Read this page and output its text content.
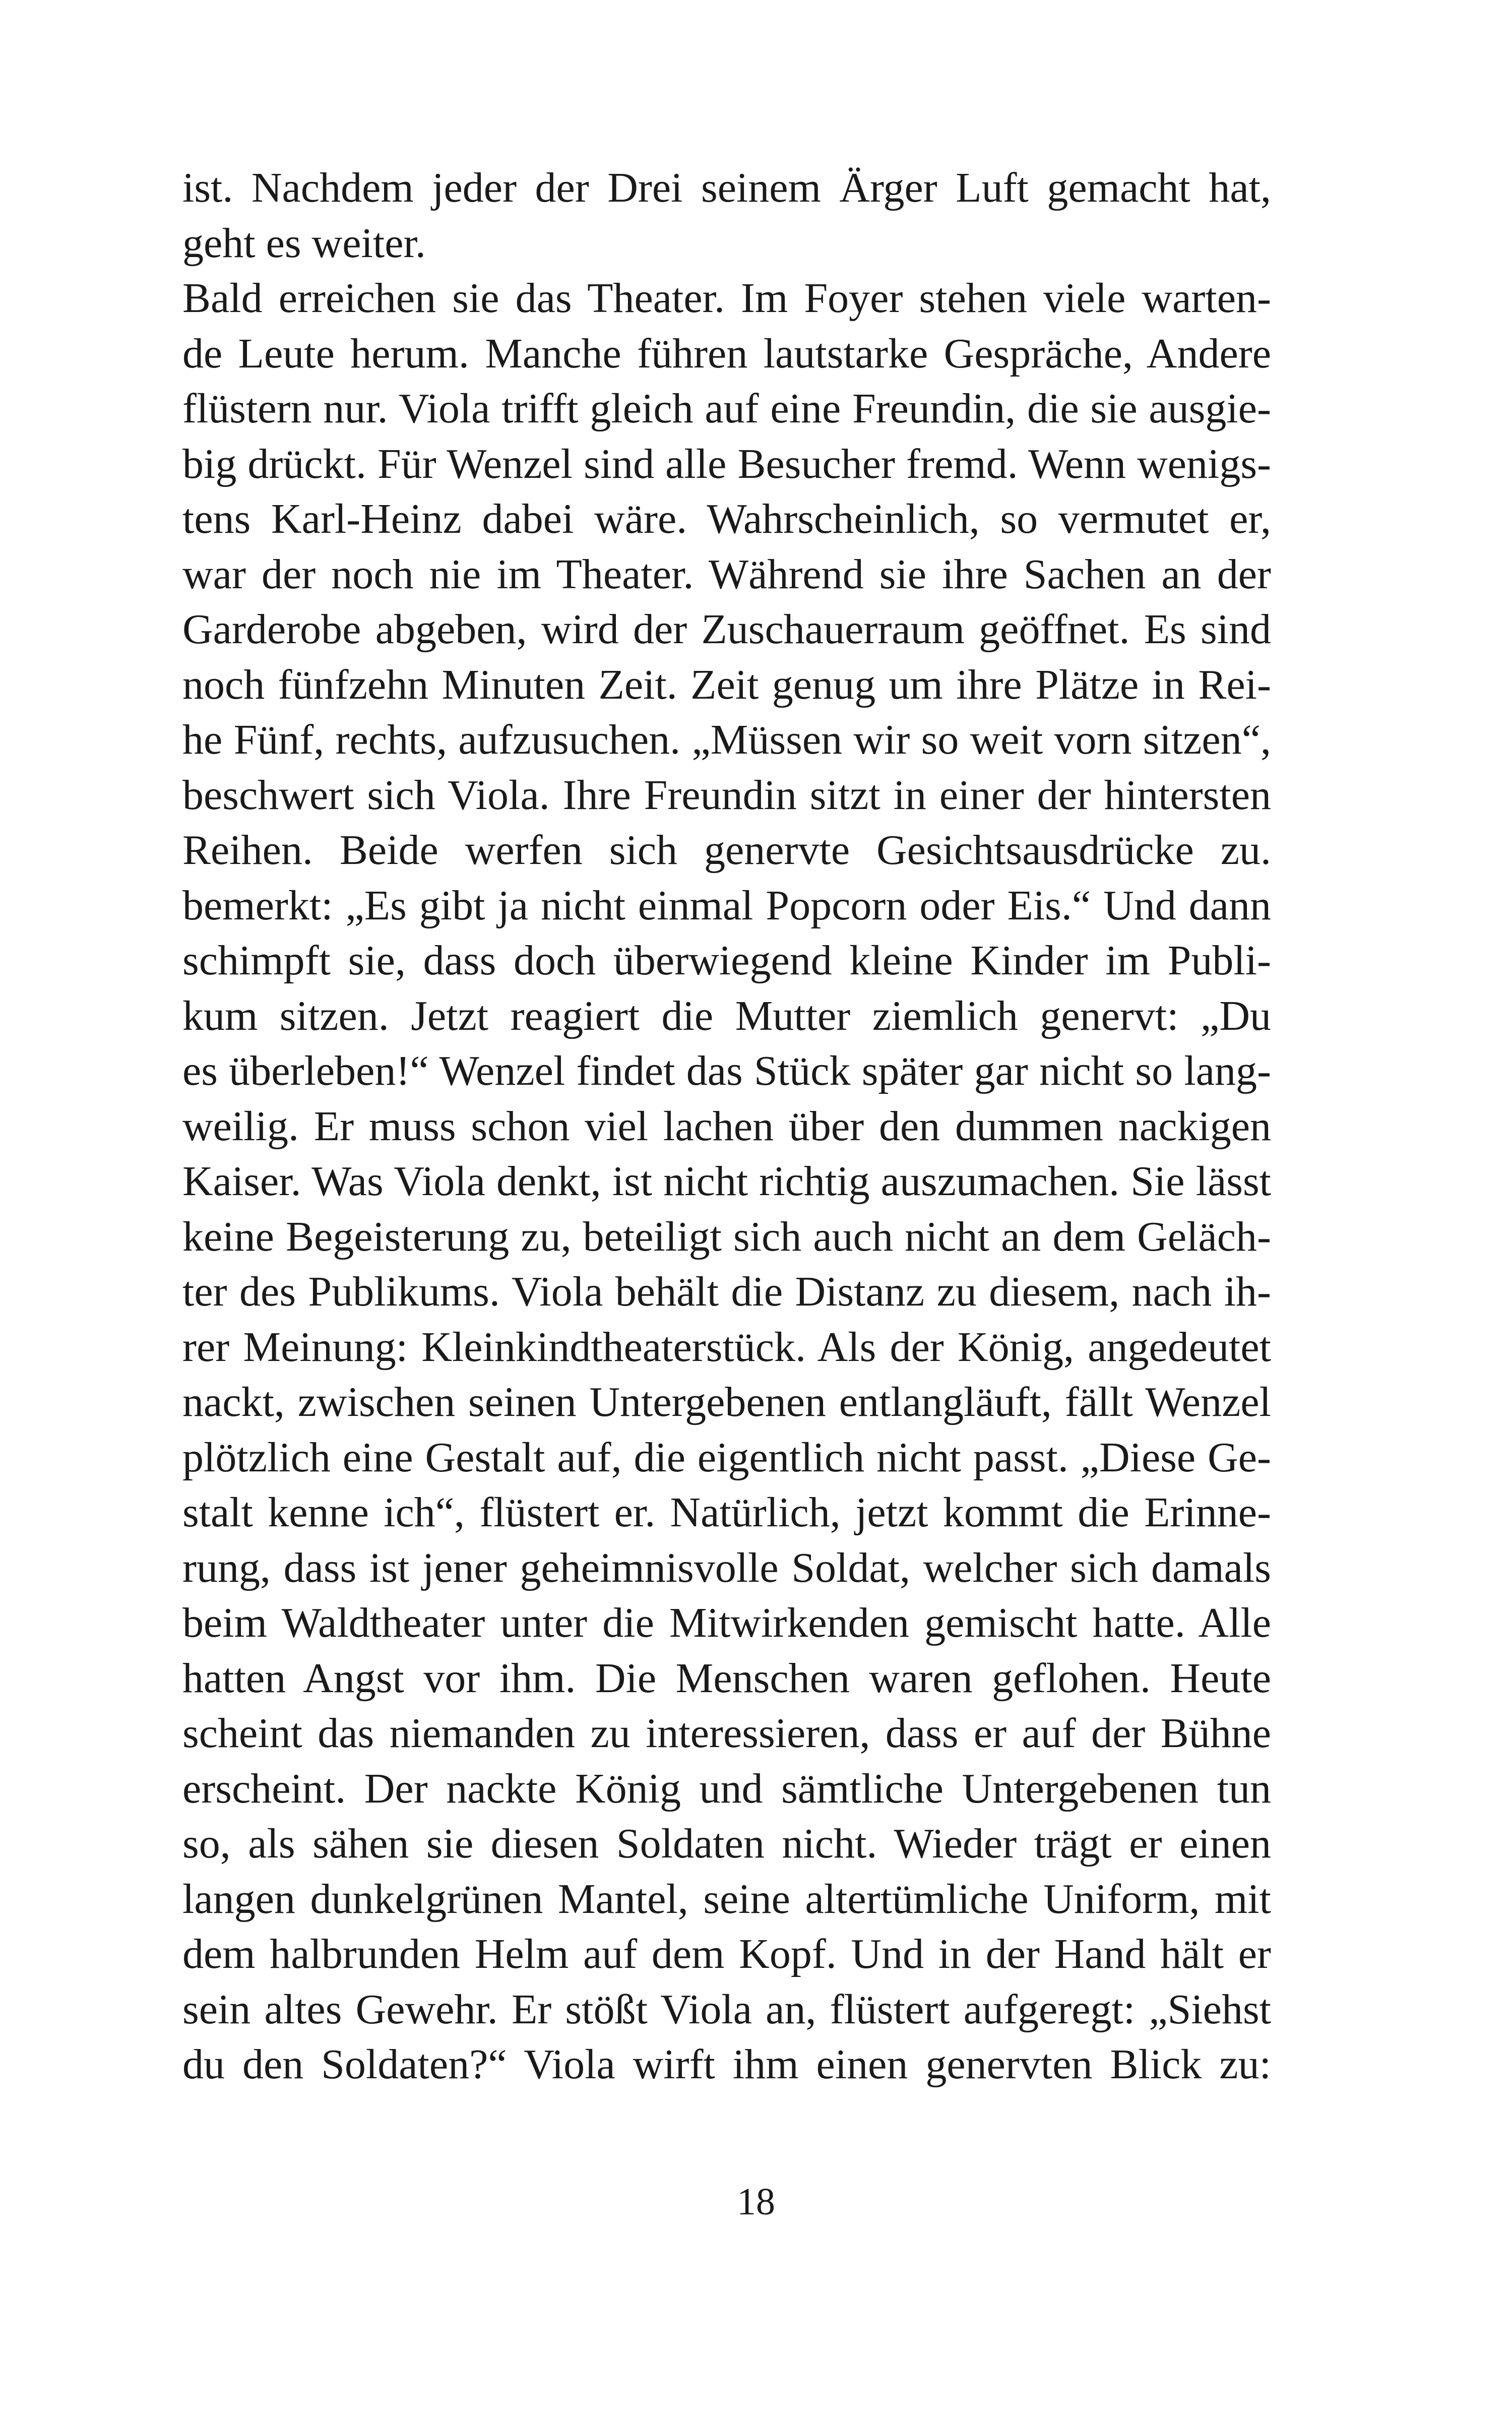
ist. Nachdem jeder der Drei seinem Ärger Luft gemacht hat,
geht es weiter.
Bald erreichen sie das Theater. Im Foyer stehen viele warten-
de Leute herum. Manche führen lautstarke Gespräche, Andere
flüstern nur. Viola trifft gleich auf eine Freundin, die sie ausgie-
big drückt. Für Wenzel sind alle Besucher fremd. Wenn wenigs-
tens Karl-Heinz dabei wäre. Wahrscheinlich, so vermutet er,
war der noch nie im Theater. Während sie ihre Sachen an der
Garderobe abgeben, wird der Zuschauerraum geöffnet. Es sind
noch fünfzehn Minuten Zeit. Zeit genug um ihre Plätze in Rei-
he Fünf, rechts, aufzusuchen. „Müssen wir so weit vorn sitzen“,
beschwert sich Viola. Ihre Freundin sitzt in einer der hintersten
Reihen. Beide werfen sich genervte Gesichtsausdrücke zu.
bemerkt: „Es gibt ja nicht einmal Popcorn oder Eis.“ Und dann
schimpft sie, dass doch überwiegend kleine Kinder im Publi-
kum sitzen. Jetzt reagiert die Mutter ziemlich genervt: „Du
es überleben!“ Wenzel findet das Stück später gar nicht so lang-
weilig. Er muss schon viel lachen über den dummen nackigen
Kaiser. Was Viola denkt, ist nicht richtig auszumachen. Sie lässt
keine Begeisterung zu, beteiligt sich auch nicht an dem Geläch-
ter des Publikums. Viola behält die Distanz zu diesem, nach ih-
rer Meinung: Kleinkindtheaterstück. Als der König, angedeutet
nackt, zwischen seinen Untergebenen entlangläuft, fällt Wenzel
plötzlich eine Gestalt auf, die eigentlich nicht passt. „Diese Ge-
stalt kenne ich“, flüstert er. Natürlich, jetzt kommt die Erinne-
rung, dass ist jener geheimnisvolle Soldat, welcher sich damals
beim Waldtheater unter die Mitwirkenden gemischt hatte. Alle
hatten Angst vor ihm. Die Menschen waren geflohen. Heute
scheint das niemanden zu interessieren, dass er auf der Bühne
erscheint. Der nackte König und sämtliche Untergebenen tun
so, als sähen sie diesen Soldaten nicht. Wieder trägt er einen
langen dunkelgrünen Mantel, seine altertümliche Uniform, mit
dem halbrunden Helm auf dem Kopf. Und in der Hand hält er
sein altes Gewehr. Er stößt Viola an, flüstert aufgeregt: „Siehst
du den Soldaten?“ Viola wirft ihm einen genervten Blick zu:
18
